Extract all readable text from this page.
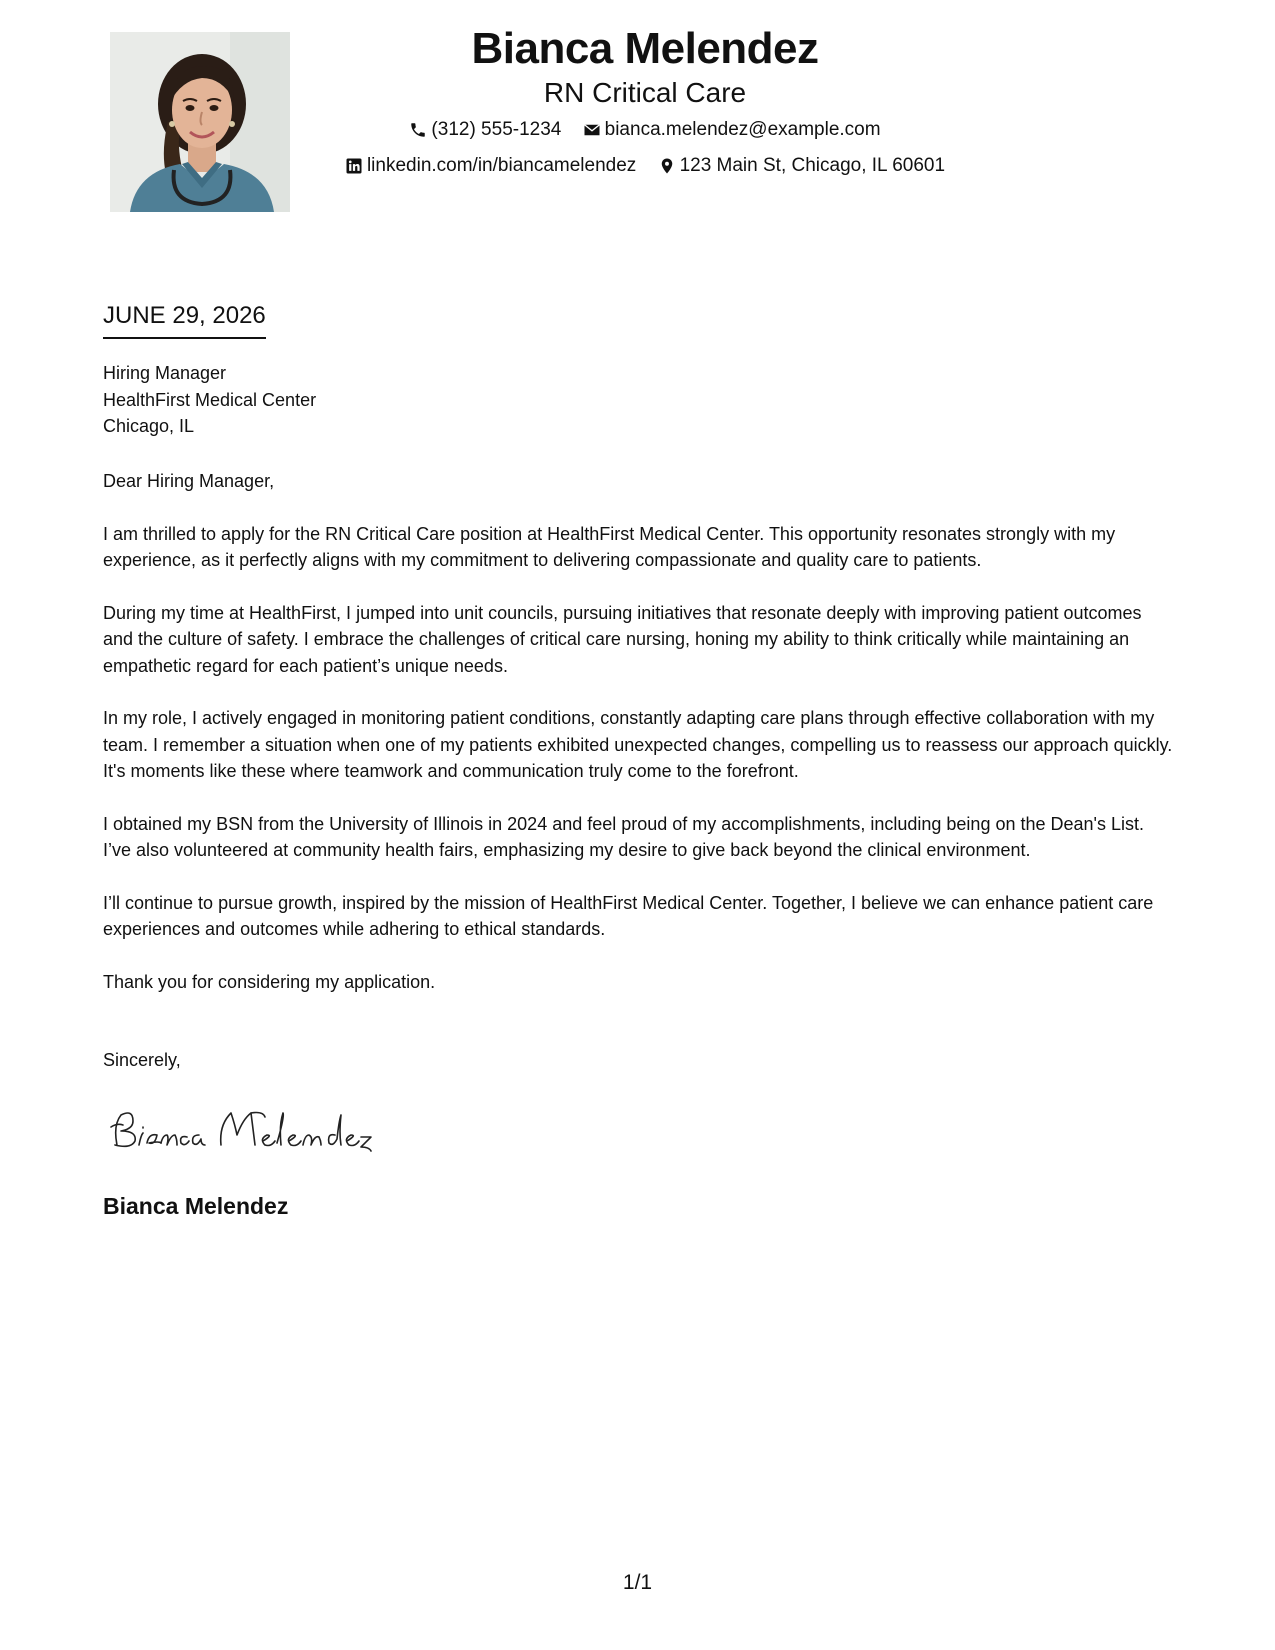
Bianca Melendez
RN Critical Care
(312) 555-1234
bianca.melendez@example.com
linkedin.com/in/biancamelendez
123 Main St, Chicago, IL 60601
JUNE 29, 2026
Hiring Manager
HealthFirst Medical Center
Chicago, IL

Dear Hiring Manager,

I am thrilled to apply for the RN Critical Care position at HealthFirst Medical Center. This opportunity resonates strongly with my experience, as it perfectly aligns with my commitment to delivering compassionate and quality care to patients.

During my time at HealthFirst, I jumped into unit councils, pursuing initiatives that resonate deeply with improving patient outcomes and the culture of safety. I embrace the challenges of critical care nursing, honing my ability to think critically while maintaining an empathetic regard for each patient’s unique needs.

In my role, I actively engaged in monitoring patient conditions, constantly adapting care plans through effective collaboration with my team. I remember a situation when one of my patients exhibited unexpected changes, compelling us to reassess our approach quickly. It's moments like these where teamwork and communication truly come to the forefront.

I obtained my BSN from the University of Illinois in 2024 and feel proud of my accomplishments, including being on the Dean's List. I’ve also volunteered at community health fairs, emphasizing my desire to give back beyond the clinical environment.

I’ll continue to pursue growth, inspired by the mission of HealthFirst Medical Center. Together, I believe we can enhance patient care experiences and outcomes while adhering to ethical standards.

Thank you for considering my application.

Sincerely,
Bianca Melendez
1/1
